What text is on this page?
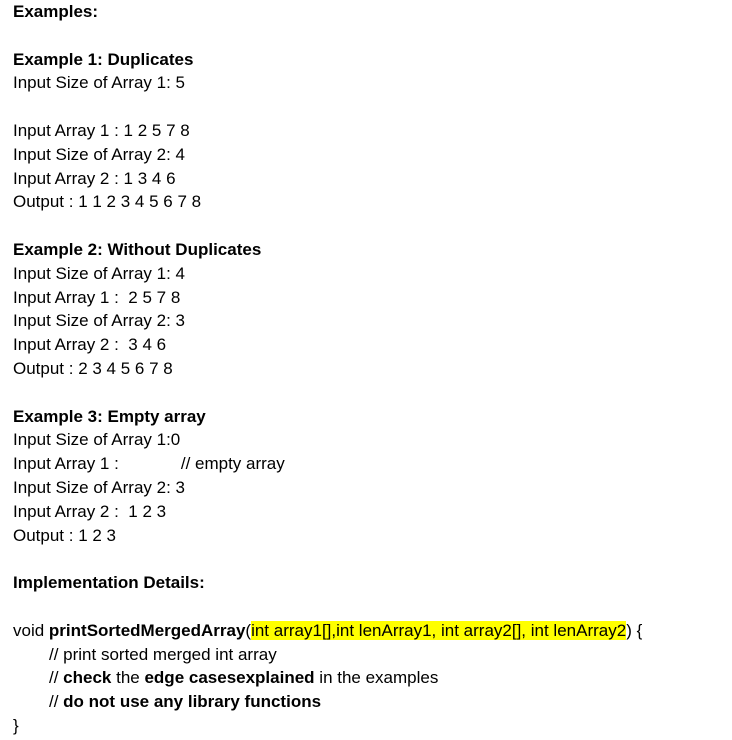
Examples:
Example 1: Duplicates
Input Size of Array 1: 5
Input Array 1 : 1 2 5 7 8
Input Size of Array 2: 4
Input Array 2 : 1 3 4 6
Output : 1 1 2 3 4 5 6 7 8
Example 2: Without Duplicates
Input Size of Array 1: 4
Input Array 1 :  2 5 7 8
Input Size of Array 2: 3
Input Array 2 :  3 4 6
Output : 2 3 4 5 6 7 8
Example 3: Empty array
Input Size of Array 1:0
Input Array 1 :	// empty array
Input Size of Array 2: 3
Input Array 2 :  1 2 3
Output : 1 2 3
Implementation Details:
void printSortedMergedArray(int array1[],int lenArray1, int array2[], int lenArray2) {
// print sorted merged int array
// check the edge casesexplained in the examples
// do not use any library functions
}
